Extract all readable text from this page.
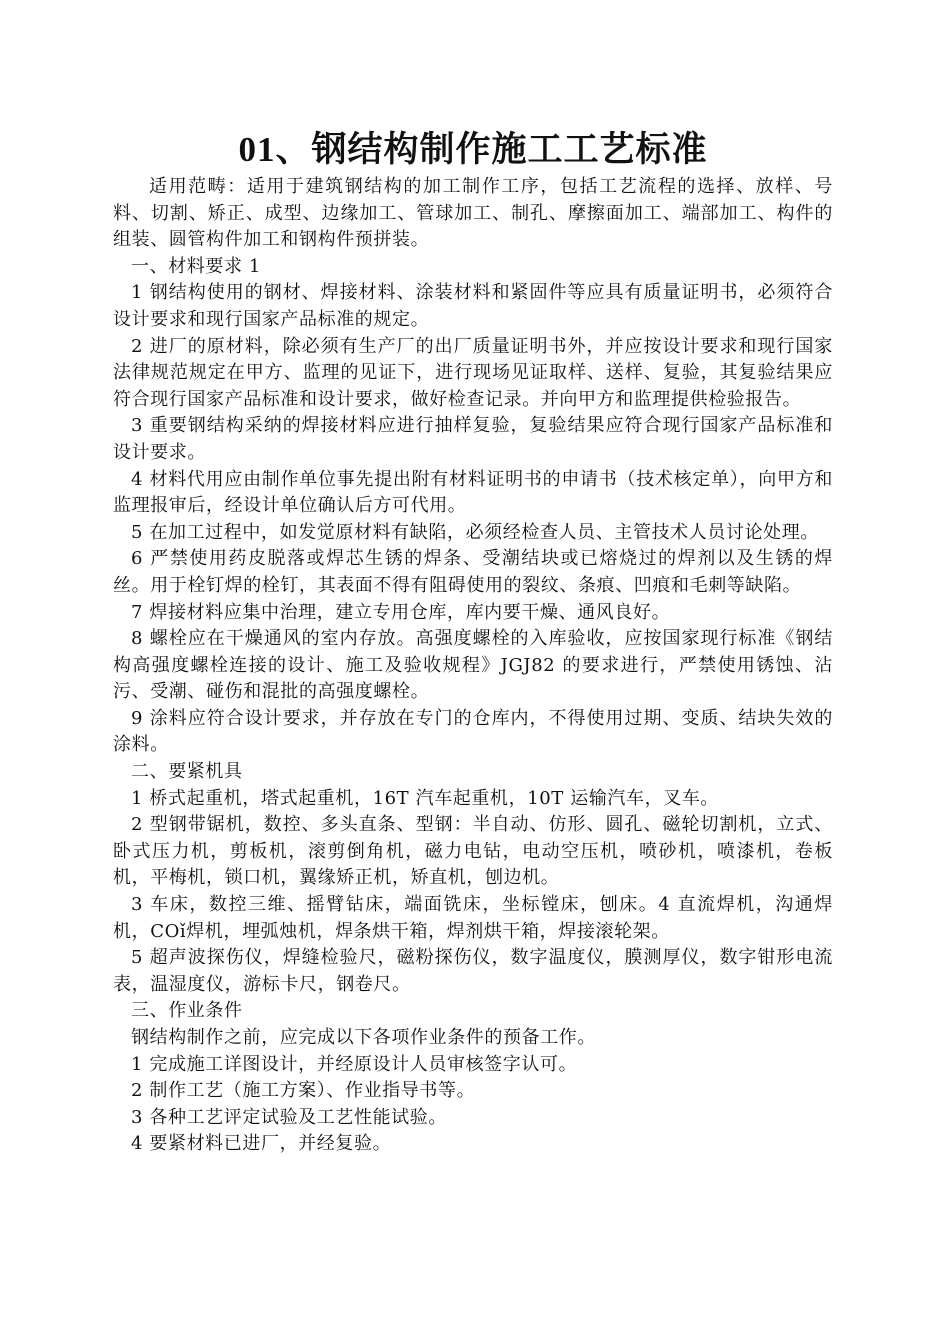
01、钢结构制作施工工艺标准

适用范畴：适用于建筑钢结构的加工制作工序，包括工艺流程的选择、放样、号料、切割、矫正、成型、边缘加工、管球加工、制孔、摩擦面加工、端部加工、构件的组装、圆管构件加工和钢构件预拼装。

一、材料要求 1

1 钢结构使用的钢材、焊接材料、涂装材料和紧固件等应具有质量证明书，必须符合设计要求和现行国家产品标准的规定。

2 进厂的原材料，除必须有生产厂的出厂质量证明书外，并应按设计要求和现行国家法律规范规定在甲方、监理的见证下，进行现场见证取样、送样、复验，其复验结果应符合现行国家产品标准和设计要求，做好检查记录。并向甲方和监理提供检验报告。

3 重要钢结构采纳的焊接材料应进行抽样复验，复验结果应符合现行国家产品标准和设计要求。

4 材料代用应由制作单位事先提出附有材料证明书的申请书（技术核定单），向甲方和监理报审后，经设计单位确认后方可代用。

5 在加工过程中，如发觉原材料有缺陷，必须经检查人员、主管技术人员讨论处理。

6 严禁使用药皮脱落或焊芯生锈的焊条、受潮结块或已熔烧过的焊剂以及生锈的焊丝。用于栓钉焊的栓钉，其表面不得有阻碍使用的裂纹、条痕、凹痕和毛刺等缺陷。

7 焊接材料应集中治理，建立专用仓库，库内要干燥、通风良好。

8 螺栓应在干燥通风的室内存放。高强度螺栓的入库验收，应按国家现行标准《钢结构高强度螺栓连接的设计、施工及验收规程》JGJ82 的要求进行，严禁使用锈蚀、沾污、受潮、碰伤和混批的高强度螺栓。

9 涂料应符合设计要求，并存放在专门的仓库内，不得使用过期、变质、结块失效的涂料。

二、要紧机具

1 桥式起重机，塔式起重机，16T 汽车起重机，10T 运输汽车，叉车。

2 型钢带锯机，数控、多头直条、型钢：半自动、仿形、圆孔、磁轮切割机，立式、卧式压力机，剪板机，滚剪倒角机，磁力电钻，电动空压机，喷砂机，喷漆机，卷板机，平梅机，锁口机，翼缘矫正机，矫直机，刨边机。

3 车床，数控三维、摇臂钻床，端面铣床，坐标镗床，刨床。4 直流焊机，沟通焊机，COǐ焊机，埋弧烛机，焊条烘干箱，焊剂烘干箱，焊接滚轮架。

5 超声波探伤仪，焊缝检验尺，磁粉探伤仪，数字温度仪，膜测厚仪，数字钳形电流表，温湿度仪，游标卡尺，钢卷尺。

三、作业条件

钢结构制作之前，应完成以下各项作业条件的预备工作。

1 完成施工详图设计，并经原设计人员审核签字认可。

2 制作工艺（施工方案）、作业指导书等。

3 各种工艺评定试验及工艺性能试验。

4 要紧材料已进厂，并经复验。
